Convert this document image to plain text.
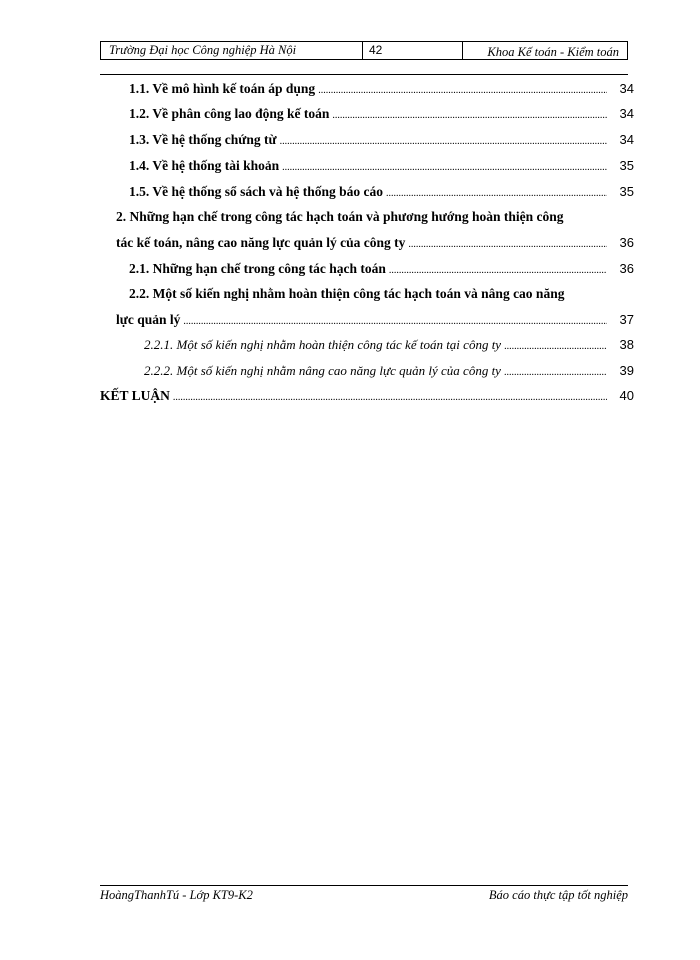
Trường Đại học Công nghiệp Hà Nội	42	Khoa Kế toán - Kiểm toán
1.1. Về mô hình kế toán áp dụng .....	34
1.2. Về phân công lao động kế toán .....	34
1.3. Về hệ thống chứng từ .....	34
1.4. Về hệ thống tài khoản .....	35
1.5. Về hệ thống sổ sách và hệ thống báo cáo .....	35
2. Những hạn chế trong công tác hạch toán và phương hướng hoàn thiện công
tác kế toán, nâng cao năng lực quản lý của công ty .....	36
2.1. Những hạn chế trong công tác hạch toán .....	36
2.2. Một số kiến nghị nhằm hoàn thiện công tác hạch toán và nâng cao năng
lực quản lý .....	37
2.2.1. Một số kiến nghị nhằm hoàn thiện công tác kế toán tại công ty .....	38
2.2.2. Một số kiến nghị nhằm nâng cao năng lực quản lý của công ty .....	39
KẾT LUẬN .....	40
HoàngThanhTú - Lớp KT9-K2	Báo cáo thực tập tốt nghiệp
